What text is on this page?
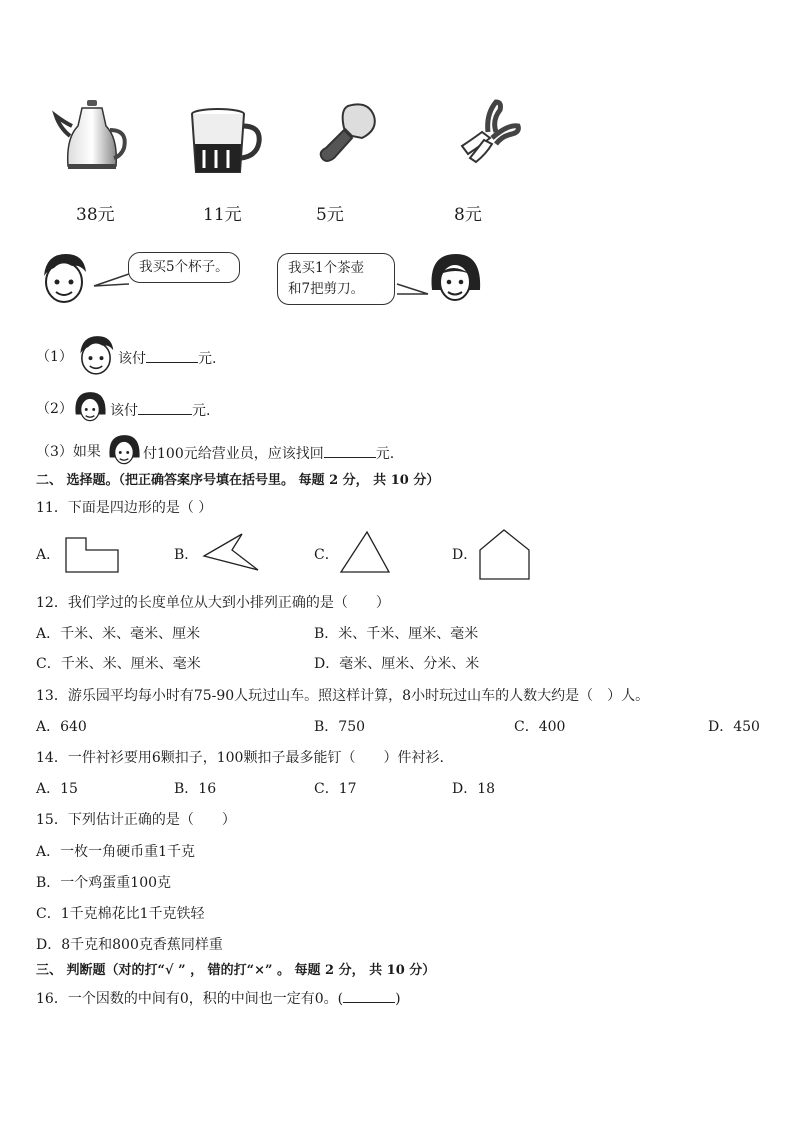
38元	11元	5元	8元
我买5个杯子。	我买1个茶壶
和7把剪刀。
（1）	该付	元.
（2）	该付	元.
（3）如果	付100元给营业员，应该找回	元.
二、 选择题。（把正确答案序号填在括号里。 每题 2 分， 共 10 分）
11．下面是四边形的是（ ）
A．	B．	C．	D．
12．我们学过的长度单位从大到小排列正确的是（　　）
A．千米、米、毫米、厘米	B．米、千米、厘米、毫米
C．千米、米、厘米、毫米	D．毫米、厘米、分米、米
13．游乐园平均每小时有75-90人玩过山车。照这样计算，8小时玩过山车的人数大约是（　）人。
A．640	B．750	C．400	D．450
14．一件衬衫要用6颗扣子，100颗扣子最多能钉（　　）件衬衫.
A．15	B．16	C．17	D．18
15．下列估计正确的是（　　）
A．一枚一角硬币重1千克
B．一个鸡蛋重100克
C．1千克棉花比1千克铁轻
D．8千克和800克香蕉同样重
三、 判断题（对的打“√ ” ， 错的打“×” 。 每题 2 分， 共 10 分）
16．一个因数的中间有0，积的中间也一定有0。(	)
